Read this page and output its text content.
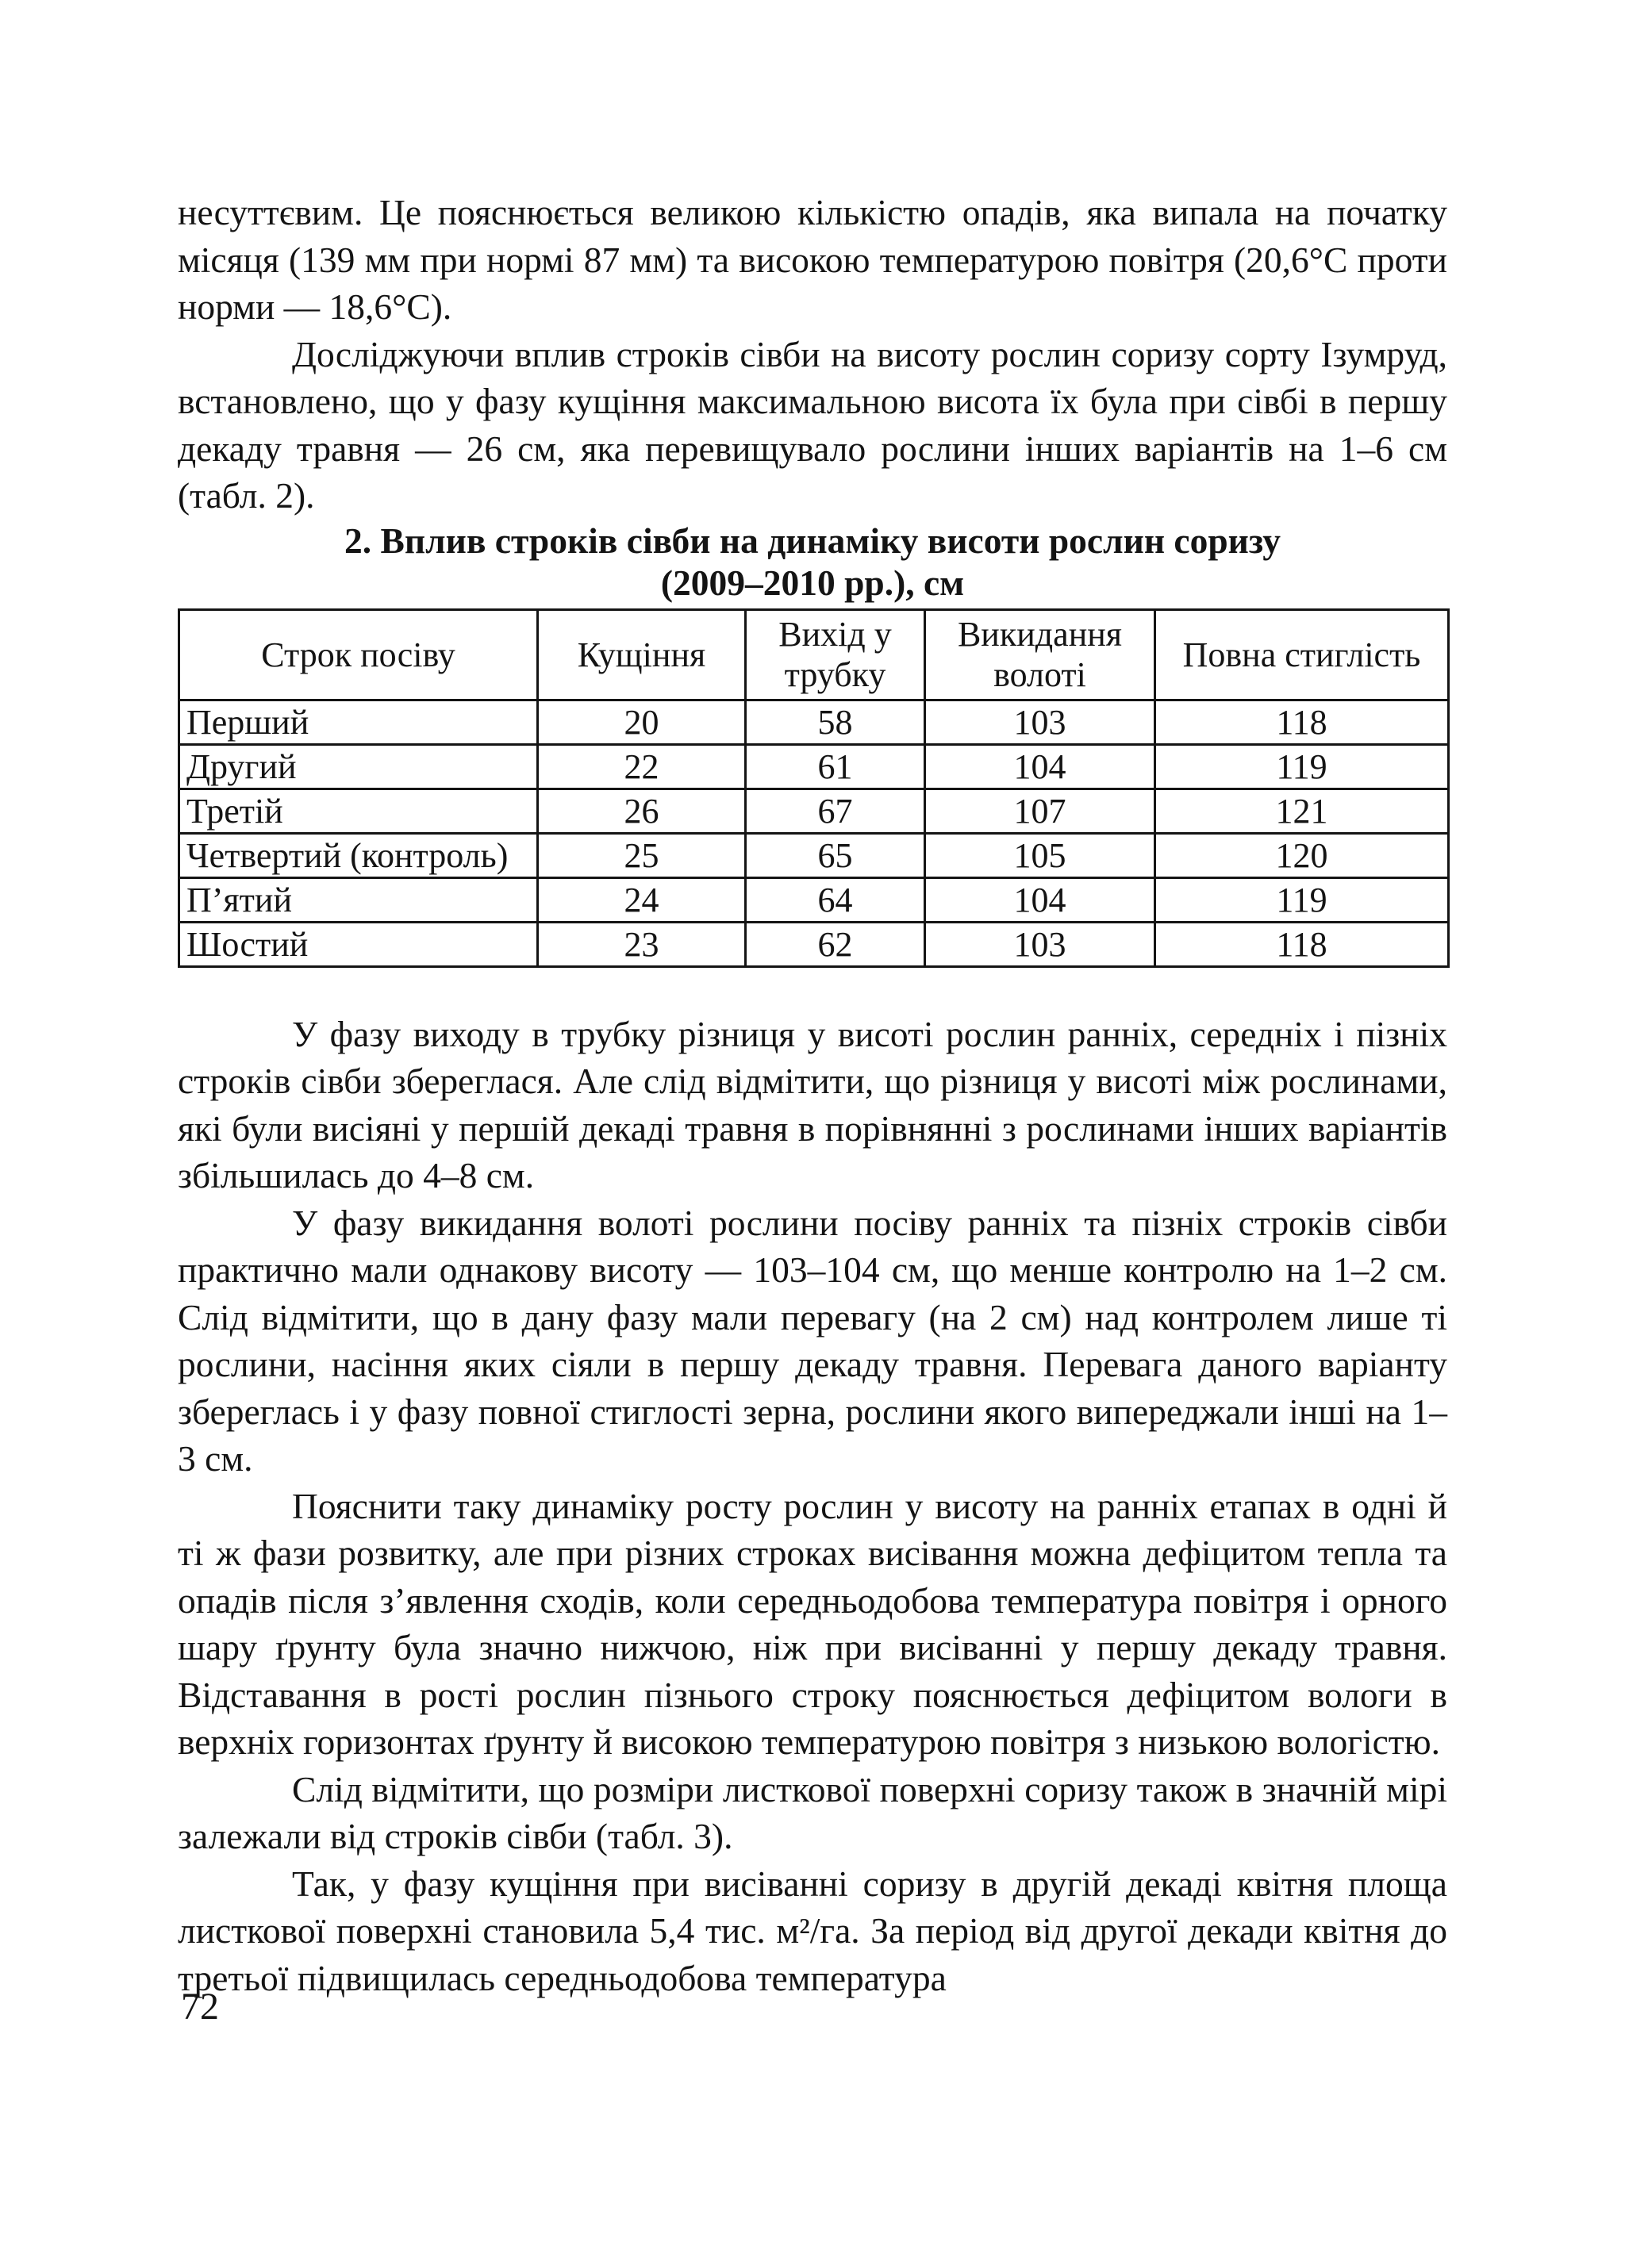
несуттєвим. Це пояснюється великою кількістю опадів, яка випала на початку місяця (139 мм при нормі 87 мм) та високою температурою повітря (20,6°С проти норми — 18,6°С).

Досліджуючи вплив строків сівби на висоту рослин соризу сорту Ізумруд, встановлено, що у фазу кущіння максимальною висота їх була при сівбі в першу декаду травня — 26 см, яка перевищувало рослини інших варіантів на 1–6 см (табл. 2).

2. Вплив строків сівби на динаміку висоти рослин соризу

(2009–2010 рр.), см

Строк посіву	Кущіння	Вихід у трубку	Викидання волоті	Повна стиглість
Перший	20	58	103	118
Другий	22	61	104	119
Третій	26	67	107	121
Четвертий (контроль)	25	65	105	120
П’ятий	24	64	104	119
Шостий	23	62	103	118

У фазу виходу в трубку різниця у висоті рослин ранніх, середніх і пізніх строків сівби збереглася. Але слід відмітити, що різниця у висоті між рослинами, які були висіяні у першій декаді травня в порівнянні з рослинами інших варіантів збільшилась до 4–8 см.

У фазу викидання волоті рослини посіву ранніх та пізніх строків сівби практично мали однакову висоту — 103–104 см, що менше контролю на 1–2 см. Слід відмітити, що в дану фазу мали перевагу (на 2 см) над контролем лише ті рослини, насіння яких сіяли в першу декаду травня. Перевага даного варіанту збереглась і у фазу повної стиглості зерна, рослини якого випереджали інші на 1–3 см.

Пояснити таку динаміку росту рослин у висоту на ранніх етапах в одні й ті ж фази розвитку, але при різних строках висівання можна дефіцитом тепла та опадів після з’явлення сходів, коли середньодобова температура повітря і орного шару ґрунту була значно нижчою, ніж при висіванні у першу декаду травня. Відставання в рості рослин пізнього строку пояснюється дефіцитом вологи в верхніх горизонтах ґрунту й високою температурою повітря з низькою вологістю.

Слід відмітити, що розміри листкової поверхні соризу також в значній мірі залежали від строків сівби (табл. 3).

Так, у фазу кущіння при висіванні соризу в другій декаді квітня площа листкової поверхні становила 5,4 тис. м²/га. За період від другої декади квітня до третьої підвищилась середньодобова температура

72
